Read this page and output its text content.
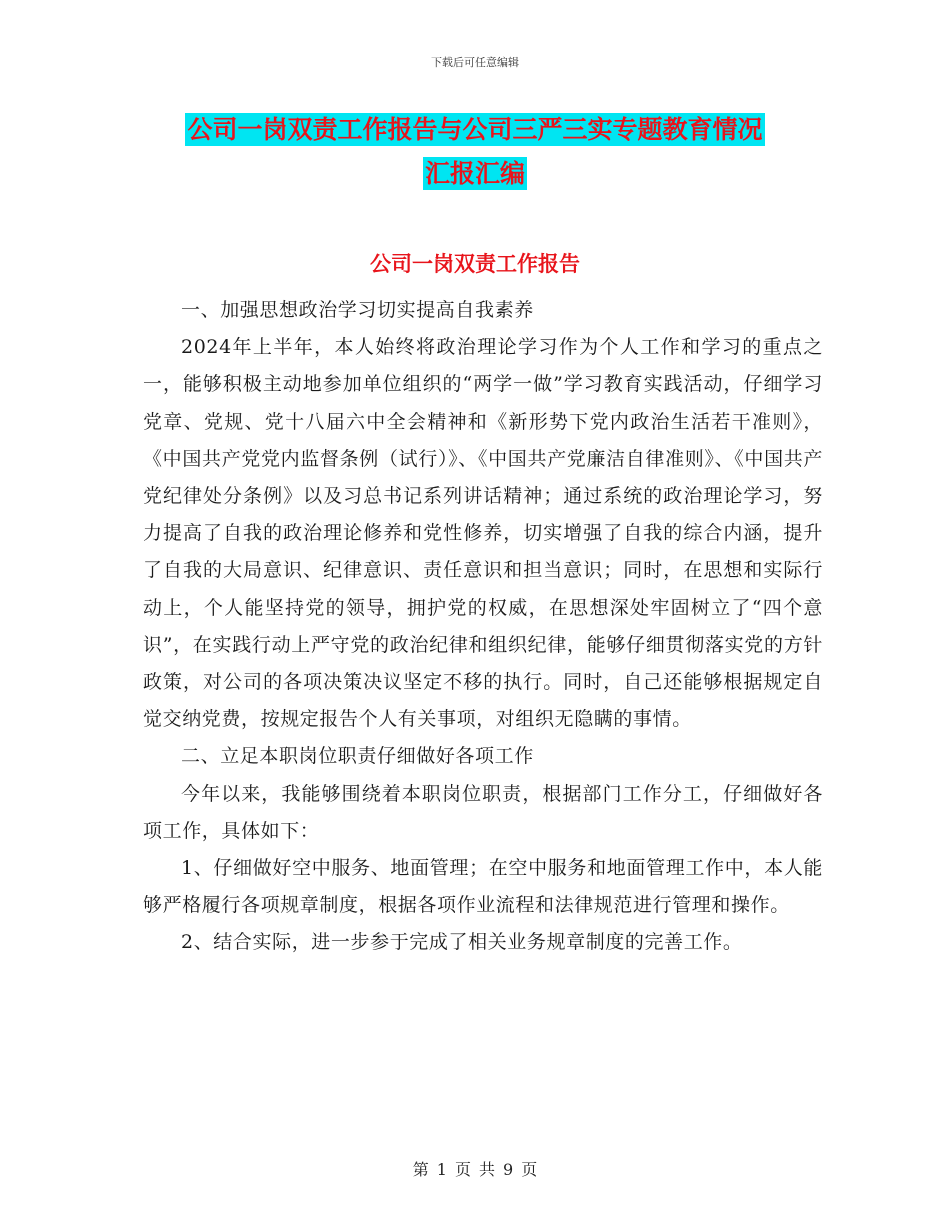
下载后可任意编辑
公司一岗双责工作报告与公司三严三实专题教育情况
汇报汇编
公司一岗双责工作报告

一、加强思想政治学习切实提高自我素养

2024年上半年，本人始终将政治理论学习作为个人工作和学习的重点之一，能够积极主动地参加单位组织的“两学一做”学习教育实践活动，仔细学习党章、党规、党十八届六中全会精神和《新形势下党内政治生活若干准则》，《中国共产党党内监督条例（试行）》、《中国共产党廉洁自律准则》、《中国共产党纪律处分条例》以及习总书记系列讲话精神；通过系统的政治理论学习，努力提高了自我的政治理论修养和党性修养，切实增强了自我的综合内涵，提升了自我的大局意识、纪律意识、责任意识和担当意识；同时，在思想和实际行动上，个人能坚持党的领导，拥护党的权威，在思想深处牢固树立了“四个意识”，在实践行动上严守党的政治纪律和组织纪律，能够仔细贯彻落实党的方针政策，对公司的各项决策决议坚定不移的执行。同时，自己还能够根据规定自觉交纳党费，按规定报告个人有关事项，对组织无隐瞒的事情。

二、立足本职岗位职责仔细做好各项工作

今年以来，我能够围绕着本职岗位职责，根据部门工作分工，仔细做好各项工作，具体如下：

1、仔细做好空中服务、地面管理；在空中服务和地面管理工作中，本人能够严格履行各项规章制度，根据各项作业流程和法律规范进行管理和操作。

2、结合实际，进一步参于完成了相关业务规章制度的完善工作。

第 1 页 共 9 页
